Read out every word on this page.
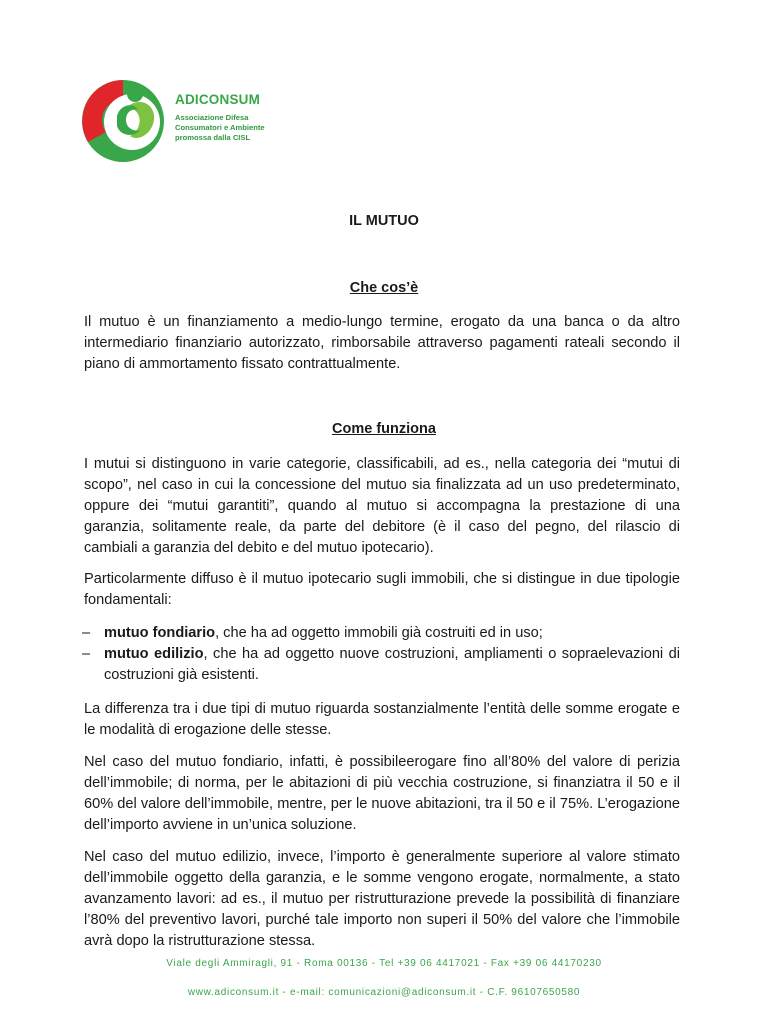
ADICONSUM
Associazione Difesa
Consumatori e Ambiente
promossa dalla CISL
IL MUTUO
Che cos’è
Il mutuo è un finanziamento a medio-lungo termine, erogato da una banca o da altro intermediario finanziario autorizzato, rimborsabile attraverso pagamenti rateali secondo il piano di ammortamento fissato contrattualmente.
Come funziona
I mutui si distinguono in varie categorie, classificabili, ad es., nella categoria dei “mutui di scopo”, nel caso in cui la concessione del mutuo sia finalizzata ad un uso predeterminato, oppure dei “mutui garantiti”, quando al mutuo si accompagna la prestazione di una garanzia, solitamente reale, da parte del debitore (è il caso del pegno, del rilascio di cambiali a garanzia del debito e del mutuo ipotecario).
Particolarmente diffuso è il mutuo ipotecario sugli immobili, che si distingue in due tipologie fondamentali:
– mutuo fondiario, che ha ad oggetto immobili già costruiti ed in uso;
– mutuo edilizio, che ha ad oggetto nuove costruzioni, ampliamenti o sopraelevazioni di costruzioni già esistenti.
La differenza tra i due tipi di mutuo riguarda sostanzialmente l’entità delle somme erogate e le modalità di erogazione delle stesse.
Nel caso del mutuo fondiario, infatti, è possibileerogare fino all’80% del valore di perizia dell’immobile; di norma, per le abitazioni di più vecchia costruzione, si finanziatra il 50 e il 60% del valore dell’immobile, mentre, per le nuove abitazioni, tra il 50 e il 75%. L’erogazione dell’importo avviene in un’unica soluzione.
Nel caso del mutuo edilizio, invece, l’importo è generalmente superiore al valore stimato dell’immobile oggetto della garanzia, e le somme vengono erogate, normalmente, a stato avanzamento lavori: ad es., il mutuo per ristrutturazione prevede la possibilità di finanziare l’80% del preventivo lavori, purché tale importo non superi il 50% del valore che l’immobile avrà dopo la ristrutturazione stessa.
Viale degli Ammiragli, 91 - Roma 00136 - Tel +39 06 4417021 - Fax +39 06 44170230
www.adiconsum.it - e-mail: comunicazioni@adiconsum.it - C.F. 96107650580
